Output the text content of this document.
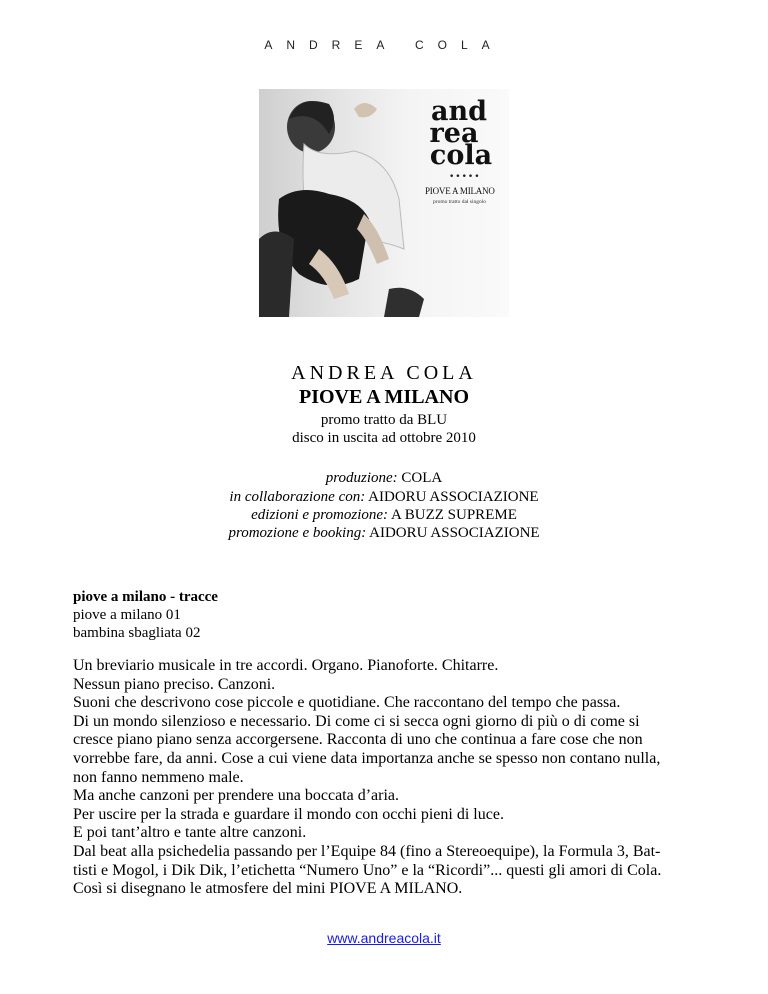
ANDREA COLA
and
rea
cola
•••••
PIOVE A MILANO
promo tratto dal singolo
ANDREA COLA
PIOVE A MILANO
promo tratto da BLU
disco in uscita ad ottobre 2010
produzione: COLA
in collaborazione con: AIDORU ASSOCIAZIONE
edizioni e promozione: A BUZZ SUPREME
promozione e booking: AIDORU ASSOCIAZIONE
piove a milano - tracce
piove a milano 01
bambina sbagliata 02

Un breviario musicale in tre accordi. Organo. Pianoforte. Chitarre.

Nessun piano preciso. Canzoni.

Suoni che descrivono cose piccole e quotidiane. Che raccontano del tempo che passa.

Di un mondo silenzioso e necessario. Di come ci si secca ogni giorno di più o di come si

cresce piano piano senza accorgersene. Racconta di uno che continua a fare cose che non

vorrebbe fare, da anni. Cose a cui viene data importanza anche se spesso non contano nulla,

non fanno nemmeno male.

Ma anche canzoni per prendere una boccata d’aria.

Per uscire per la strada e guardare il mondo con occhi pieni di luce.

E poi tant’altro e tante altre canzoni.

Dal beat alla psichedelia passando per l’Equipe 84 (fino a Stereoequipe), la Formula 3, Bat-

tisti e Mogol, i Dik Dik, l’etichetta “Numero Uno” e la “Ricordi”... questi gli amori di Cola.

Così si disegnano le atmosfere del mini PIOVE A MILANO.

www.andreacola.it
